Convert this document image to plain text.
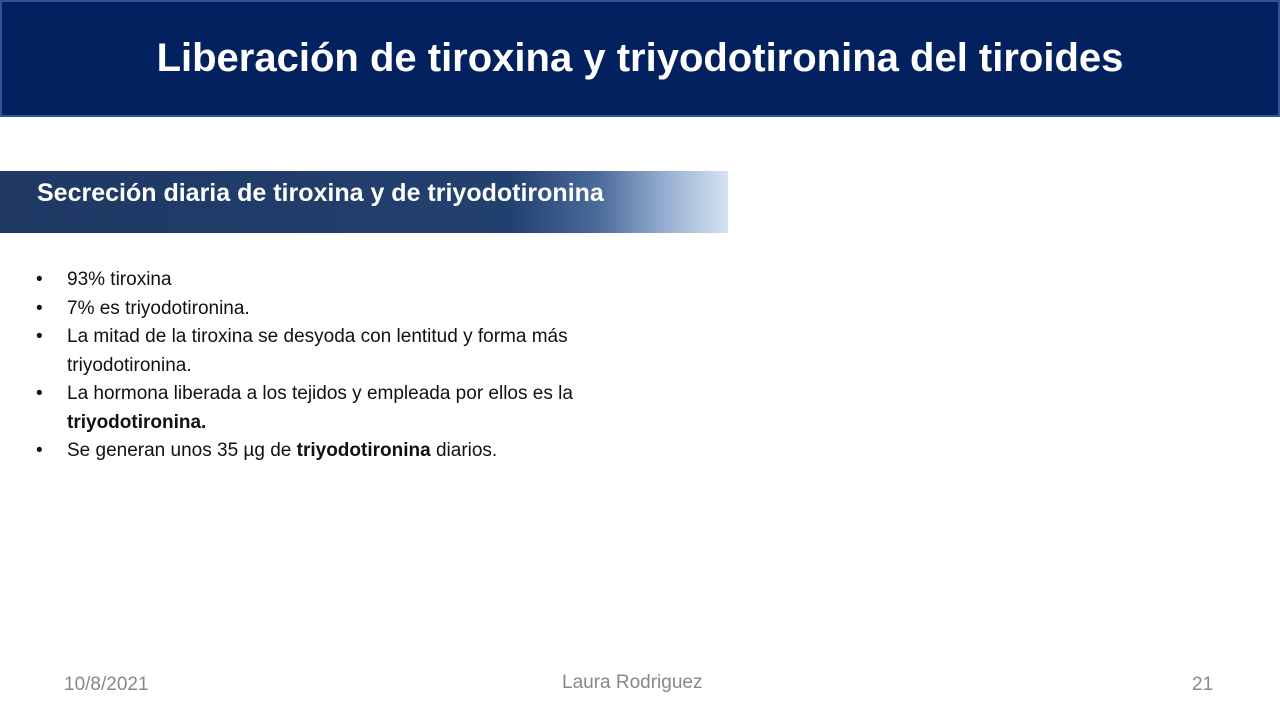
Liberación de tiroxina y triyodotironina del tiroides
Secreción diaria de tiroxina y de triyodotironina
• 93% tiroxina
• 7% es triyodotironina.
• La mitad de la tiroxina se desyoda con lentitud y forma más triyodotironina.
• La hormona liberada a los tejidos y empleada por ellos es la triyodotironina.
• Se generan unos 35 µg de triyodotironina diarios.
10/8/2021	Laura Rodriguez	21
